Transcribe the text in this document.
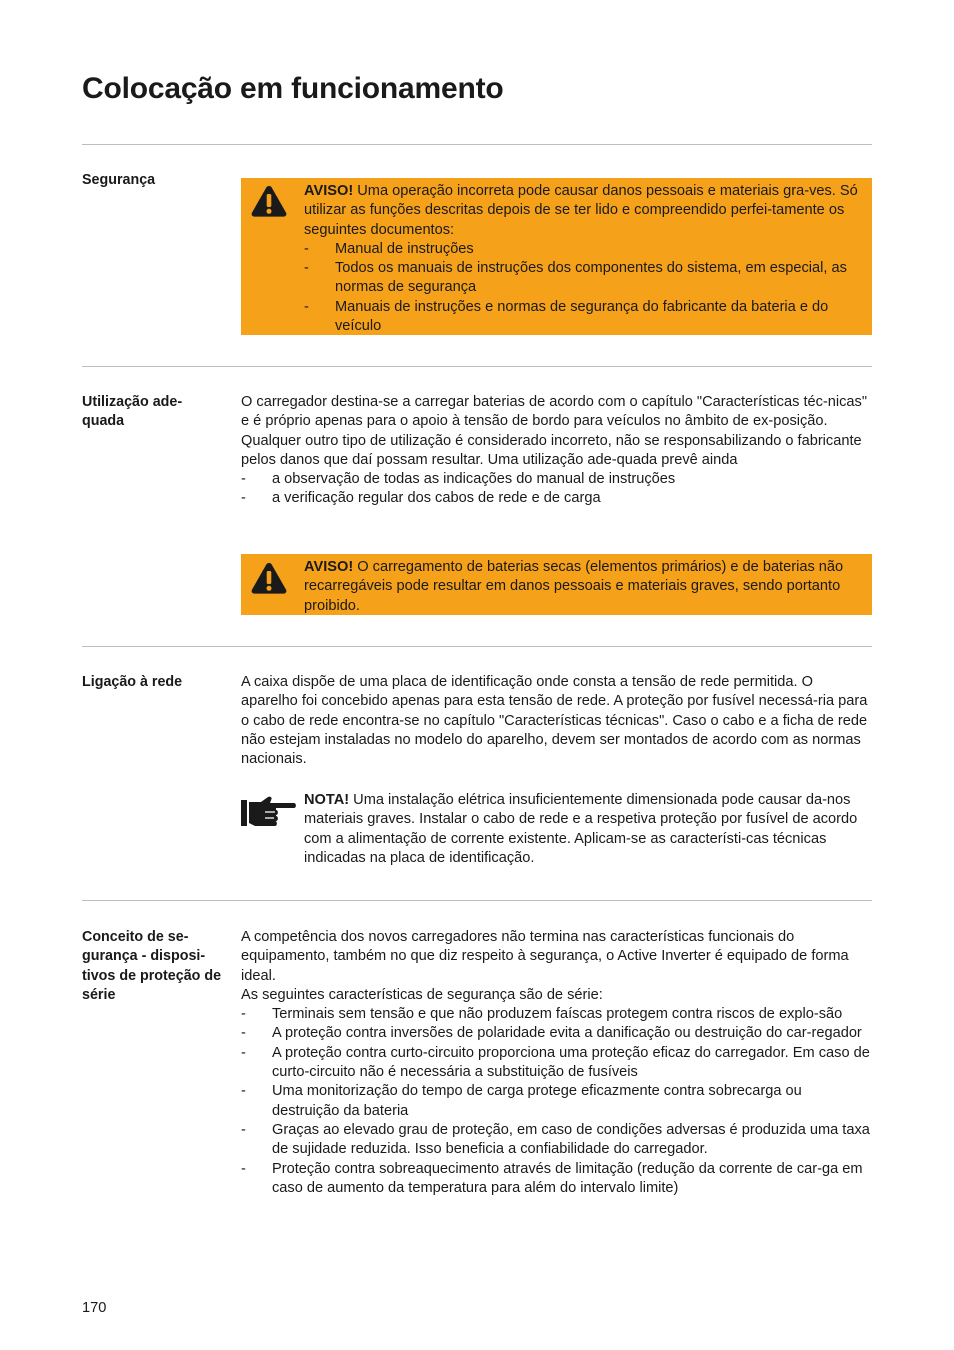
Colocação em funcionamento
Segurança

AVISO! Uma operação incorreta pode causar danos pessoais e materiais gra-ves. Só utilizar as funções descritas depois de se ter lido e compreendido perfei-tamente os seguintes documentos:

- Manual de instruções
- Todos os manuais de instruções dos componentes do sistema, em especial, as normas de segurança
- Manuais de instruções e normas de segurança do fabricante da bateria e do veículo
Utilização ade-quada

O carregador destina-se a carregar baterias de acordo com o capítulo "Características téc-nicas" e é próprio apenas para o apoio à tensão de bordo para veículos no âmbito de ex-posição. Qualquer outro tipo de utilização é considerado incorreto, não se responsabilizando o fabricante pelos danos que daí possam resultar. Uma utilização ade-quada prevê ainda

- a observação de todas as indicações do manual de instruções
- a verificação regular dos cabos de rede e de carga

AVISO! O carregamento de baterias secas (elementos primários) e de baterias não recarregáveis pode resultar em danos pessoais e materiais graves, sendo portanto proibido.

Ligação à rede	A caixa dispõe de uma placa de identificação onde consta a tensão de rede permitida. O aparelho foi concebido apenas para esta tensão de rede. A proteção por fusível necessá-ria para o cabo de rede encontra-se no capítulo "Características técnicas". Caso o cabo e a ficha de rede não estejam instaladas no modelo do aparelho, devem ser montados de acordo com as normas nacionais.

NOTA! Uma instalação elétrica insuficientemente dimensionada pode causar da-nos materiais graves. Instalar o cabo de rede e a respetiva proteção por fusível de acordo com a alimentação de corrente existente. Aplicam-se as característi-cas técnicas indicadas na placa de identificação.

Conceito de se-gurança - disposi-tivos de proteção de série

A competência dos novos carregadores não termina nas características funcionais do equipamento, também no que diz respeito à segurança, o Active Inverter é equipado de forma ideal.

As seguintes características de segurança são de série:

- Terminais sem tensão e que não produzem faíscas protegem contra riscos de explo-são
- A proteção contra inversões de polaridade evita a danificação ou destruição do car-regador
- A proteção contra curto-circuito proporciona uma proteção eficaz do carregador. Em caso de curto-circuito não é necessária a substituição de fusíveis
- Uma monitorização do tempo de carga protege eficazmente contra sobrecarga ou destruição da bateria
- Graças ao elevado grau de proteção, em caso de condições adversas é produzida uma taxa de sujidade reduzida. Isso beneficia a confiabilidade do carregador.
- Proteção contra sobreaquecimento através de limitação (redução da corrente de car-ga em caso de aumento da temperatura para além do intervalo limite)
170
